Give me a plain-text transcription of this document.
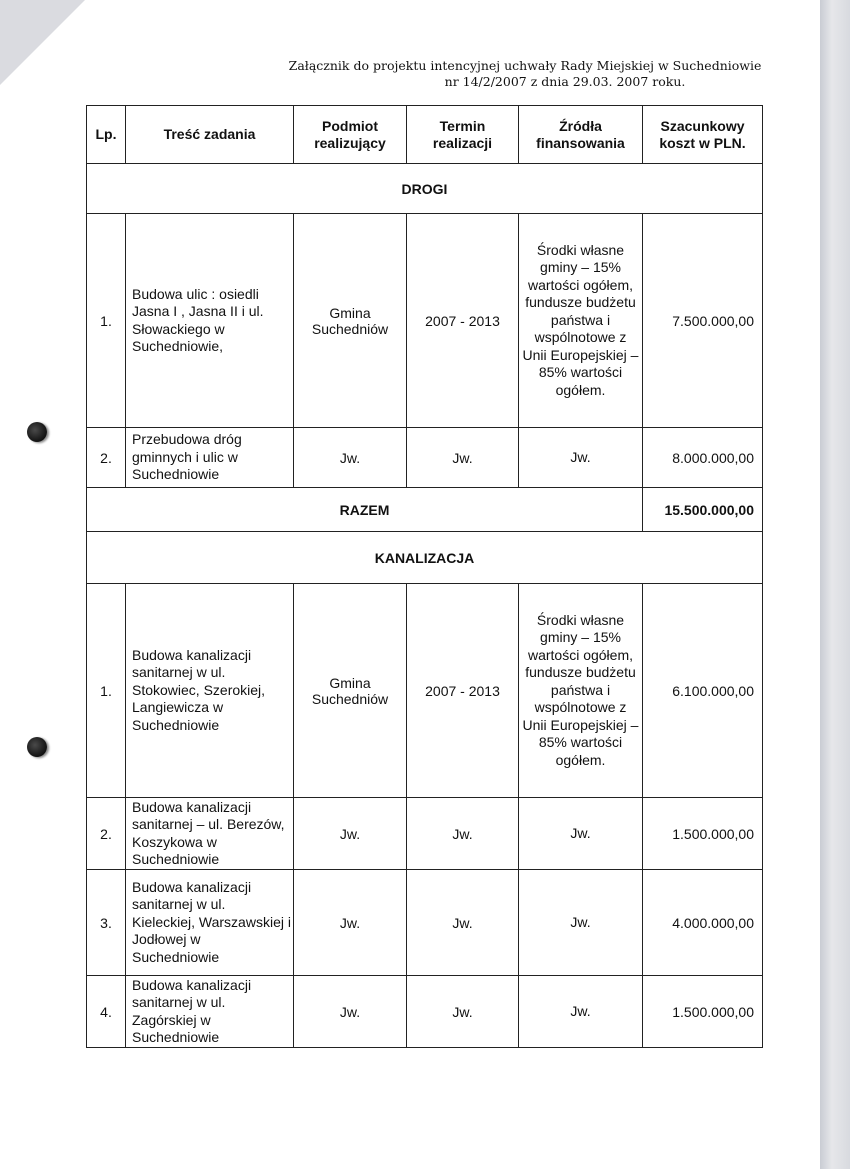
Załącznik do projektu intencyjnej uchwały Rady Miejskiej w Suchedniowie
nr 14/2/2007 z dnia 29.03. 2007 roku.
Lp.	Treść zadania	Podmiot realizujący	Termin realizacji	Źródła finansowania	Szacunkowy koszt w PLN.
DROGI					
1.	Budowa ulic : osiedli Jasna I , Jasna II i ul. Słowackiego w Suchedniowie,	Gmina Suchedniów	2007 - 2013	Środki własne gminy – 15% wartości ogółem, fundusze budżetu państwa i wspólnotowe z Unii Europejskiej – 85% wartości ogółem.	7.500.000,00
2.	Przebudowa dróg gminnych i ulic w Suchedniowie	Jw.	Jw.	Jw.	8.000.000,00
RAZEM					15.500.000,00
KANALIZACJA					
1.	Budowa kanalizacji sanitarnej w ul. Stokowiec, Szerokiej, Langiewicza w Suchedniowie	Gmina Suchedniów	2007 - 2013	Środki własne gminy – 15% wartości ogółem, fundusze budżetu państwa i wspólnotowe z Unii Europejskiej – 85% wartości ogółem.	6.100.000,00
2.	Budowa kanalizacji sanitarnej – ul. Berezów, Koszykowa w Suchedniowie	Jw.	Jw.	Jw.	1.500.000,00
3.	Budowa kanalizacji sanitarnej w ul. Kieleckiej, Warszawskiej i Jodłowej w Suchedniowie	Jw.	Jw.	Jw.	4.000.000,00
4.	Budowa kanalizacji sanitarnej w ul. Zagórskiej w Suchedniowie	Jw.	Jw.	Jw.	1.500.000,00
